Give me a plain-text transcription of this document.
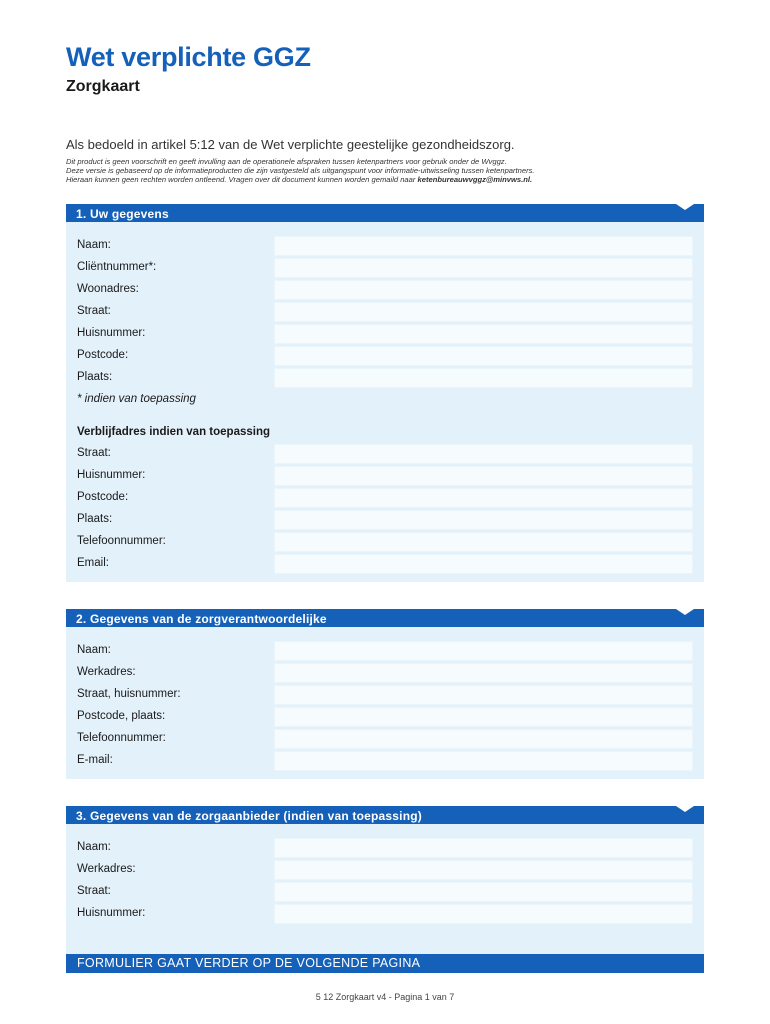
Wet verplichte GGZ
Zorgkaart
Als bedoeld in artikel 5:12 van de Wet verplichte geestelijke gezondheidszorg.
Dit product is geen voorschrift en geeft invulling aan de operationele afspraken tussen ketenpartners voor gebruik onder de Wvggz.
Deze versie is gebaseerd op de informatieproducten die zijn vastgesteld als uitgangspunt voor informatie-uitwisseling tussen ketenpartners.
Hieraan kunnen geen rechten worden ontleend. Vragen over dit document kunnen worden gemaild naar ketenbureauwvggz@minvws.nl.
1. Uw gegevens
Naam:
Cliëntnummer*:
Woonadres:
Straat:
Huisnummer:
Postcode:
Plaats:
* indien van toepassing
Verblijfadres indien van toepassing
Straat:
Huisnummer:
Postcode:
Plaats:
Telefoonnummer:
Email:
2. Gegevens van de zorgverantwoordelijke
Naam:
Werkadres:
Straat, huisnummer:
Postcode, plaats:
Telefoonnummer:
E-mail:
3. Gegevens van de zorgaanbieder (indien van toepassing)
Naam:
Werkadres:
Straat:
Huisnummer:
FORMULIER GAAT VERDER OP DE VOLGENDE PAGINA
5 12 Zorgkaart v4 - Pagina 1 van 7
